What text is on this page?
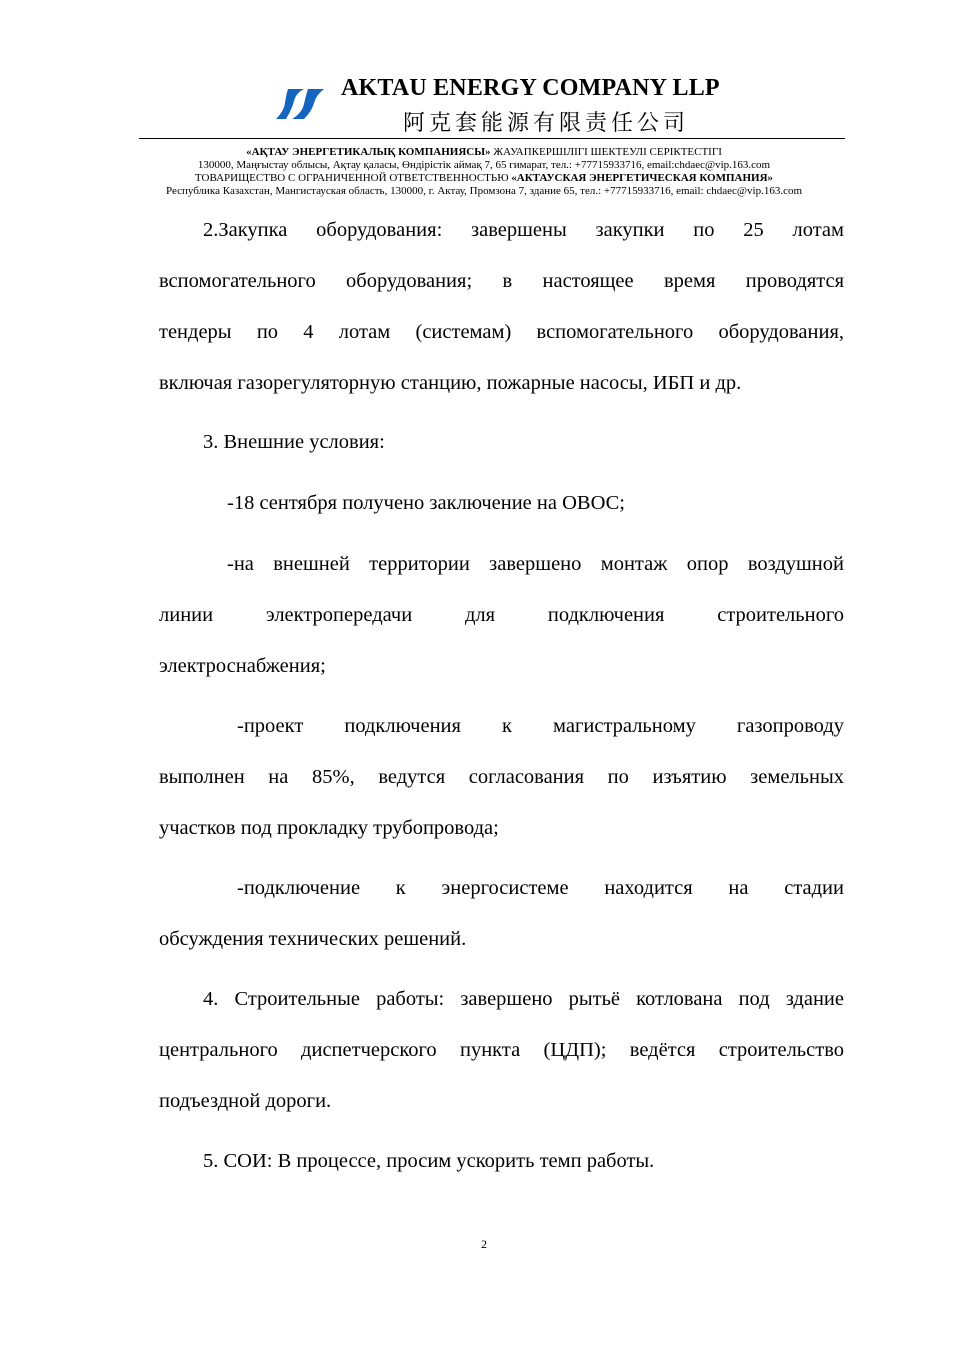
AKTAU ENERGY COMPANY LLP
阿克套能源有限责任公司
«АҚТАУ ЭНЕРГЕТИКАЛЫҚ КОМПАНИЯСЫ» ЖАУАПКЕРШІЛІГІ ШЕКТЕУЛІ СЕРІКТЕСТІГІ
130000, Маңғыстау облысы, Ақтау қаласы, Өндірістік аймақ 7, 65 гимарат, тел.: +77715933716, email:chdaec@vip.163.com
ТОВАРИЩЕСТВО С ОГРАНИЧЕННОЙ ОТВЕТСТВЕННОСТЬЮ «АКТАУСКАЯ ЭНЕРГЕТИЧЕСКАЯ КОМПАНИЯ»
Республика Казахстан, Мангистауская область, 130000, г. Актау, Промзона 7, здание 65, тел.: +77715933716, email: chdaec@vip.163.com
2.Закупка оборудования: завершены закупки по 25 лотам
вспомогательного оборудования; в настоящее время проводятся
тендеры по 4 лотам (системам) вспомогательного оборудования,
включая газорегуляторную станцию, пожарные насосы, ИБП и др.
3. Внешние условия:
-18 сентября получено заключение на ОВОС;
-на внешней территории завершено монтаж опор воздушной
линии электропередачи для подключения строительного
электроснабжения;
-проект подключения к магистральному газопроводу
выполнен на 85%, ведутся согласования по изъятию земельных
участков под прокладку трубопровода;
-подключение к энергосистеме находится на стадии
обсуждения технических решений.
4. Строительные работы: завершено рытьё котлована под здание
центрального диспетчерского пункта (ЦДП); ведётся строительство
подъездной дороги.
5. СОИ: В процессе, просим ускорить темп работы.
2
